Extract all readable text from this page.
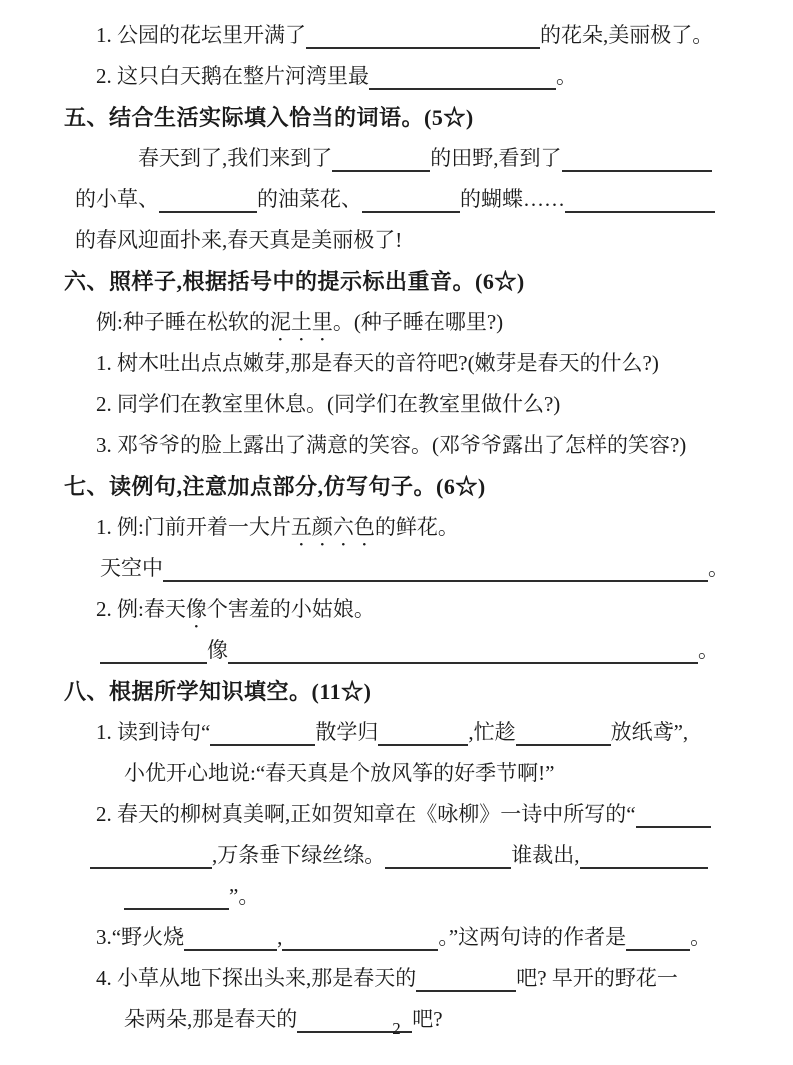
1. 公园的花坛里开满了	的花朵,美丽极了。
2. 这只白天鹅在整片河湾里最	。
五、结合生活实际填入恰当的词语。(5☆)
春天到了,我们来到了	的田野,看到了
的小草、	的油菜花、	的蝴蝶……
的春风迎面扑来,春天真是美丽极了!
六、照样子,根据括号中的提示标出重音。(6☆)
例:种子睡在松软的泥土里。(种子睡在哪里?)
1. 树木吐出点点嫩芽,那是春天的音符吧?(嫩芽是春天的什么?)
2. 同学们在教室里休息。(同学们在教室里做什么?)
3. 邓爷爷的脸上露出了满意的笑容。(邓爷爷露出了怎样的笑容?)
七、读例句,注意加点部分,仿写句子。(6☆)
1. 例:门前开着一大片五颜六色的鲜花。
天空中	。
2. 例:春天像个害羞的小姑娘。
像	。
八、根据所学知识填空。(11☆)
1. 读到诗句“	散学归	,忙趁	放纸鸢”,
小优开心地说:“春天真是个放风筝的好季节啊!”
2. 春天的柳树真美啊,正如贺知章在《咏柳》一诗中所写的“
,万条垂下绿丝绦。	谁裁出,
”。
3.“野火烧	,	。”这两句诗的作者是	。
4. 小草从地下探出头来,那是春天的	吧? 早开的野花一
朵两朵,那是春天的	吧?
2
